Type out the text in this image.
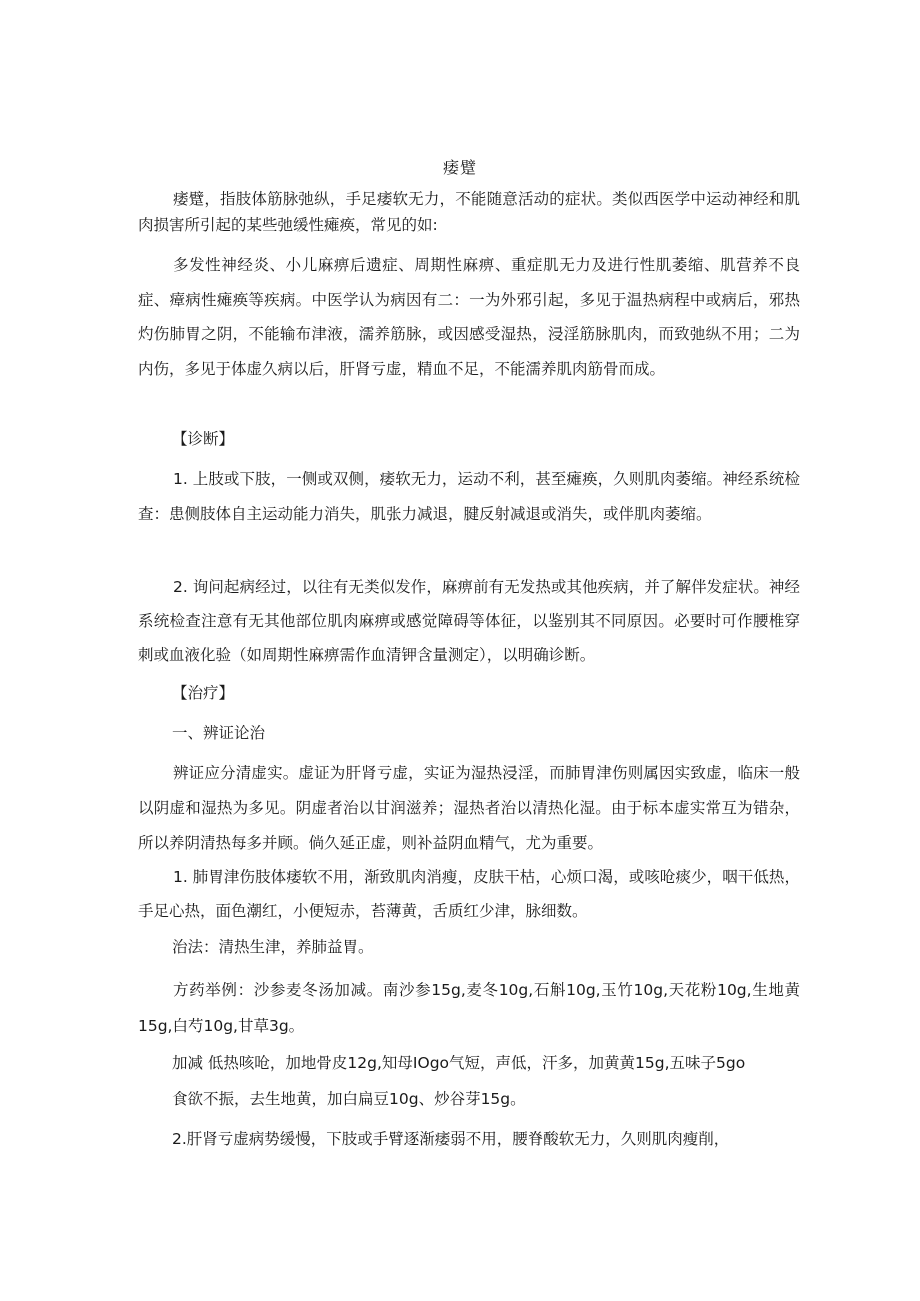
痿躄

痿躄，指肢体筋脉弛纵，手足痿软无力，不能随意活动的症状。类似西医学中运动神经和肌肉损害所引起的某些弛缓性瘫痪，常见的如:

多发性神经炎、小儿麻痹后遗症、周期性麻痹、重症肌无力及进行性肌萎缩、肌营养不良症、瘴病性瘫痪等疾病。中医学认为病因有二：一为外邪引起，多见于温热病程中或病后，邪热灼伤肺胃之阴，不能输布津液，濡养筋脉，或因感受湿热，浸淫筋脉肌肉，而致弛纵不用；二为内伤，多见于体虚久病以后，肝肾亏虚，精血不足，不能濡养肌肉筋骨而成。

【诊断】

1. 上肢或下肢，一侧或双侧，痿软无力，运动不利，甚至瘫痪，久则肌肉萎缩。神经系统检查：患侧肢体自主运动能力消失，肌张力减退，腱反射减退或消失，或伴肌肉萎缩。

2. 询问起病经过，以往有无类似发作，麻痹前有无发热或其他疾病，并了解伴发症状。神经系统检查注意有无其他部位肌肉麻痹或感觉障碍等体征，以鉴别其不同原因。必要时可作腰椎穿刺或血液化验（如周期性麻痹需作血清钾含量测定），以明确诊断。

【治疗】

一、辨证论治

辨证应分清虚实。虚证为肝肾亏虚，实证为湿热浸淫，而肺胃津伤则属因实致虚，临床一般以阴虚和湿热为多见。阴虚者治以甘润滋养；湿热者治以清热化湿。由于标本虚实常互为错杂，所以养阴清热每多并顾。倘久延正虚，则补益阴血精气，尤为重要。

1. 肺胃津伤肢体痿软不用，渐致肌肉消瘦，皮肤干枯，心烦口渴，或咳呛痰少，咽干低热，手足心热，面色潮红，小便短赤，苔薄黄，舌质红少津，脉细数。

治法：清热生津，养肺益胃。

方药举例：沙参麦冬汤加减。南沙参15g,麦冬10g,石斛10g,玉竹10g,天花粉10g,生地黄15g,白芍10g,甘草3g。

加减 低热咳呛，加地骨皮12g,知母IOgo气短，声低，汗多，加黄黄15g,五味子5go

食欲不振，去生地黄，加白扁豆10g、炒谷芽15g。

2.肝肾亏虚病势缓慢，下肢或手臂逐渐痿弱不用，腰脊酸软无力，久则肌肉瘦削，
